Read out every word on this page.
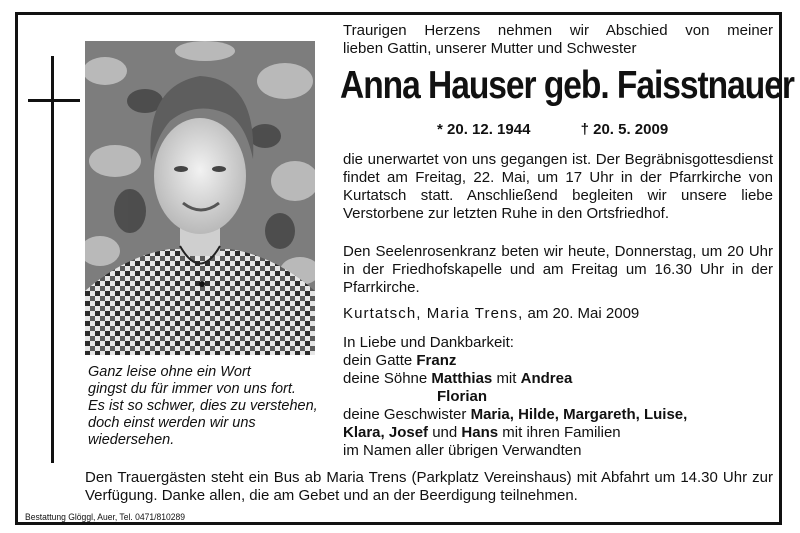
Ganz leise ohne ein Wort
gingst du für immer von uns fort.
Es ist so schwer, dies zu verstehen,
doch einst werden wir uns
wiedersehen.
Traurigen Herzens nehmen wir Abschied von meiner
lieben Gattin, unserer Mutter und Schwester
Anna Hauser geb. Faisstnauer
* 20. 12. 1944	† 20. 5. 2009
die unerwartet von uns gegangen ist. Der Begräbnisgottesdienst findet am Freitag, 22. Mai, um 17 Uhr in der Pfarrkirche von Kurtatsch statt. Anschließend begleiten wir unsere liebe Verstorbene zur letzten Ruhe in den Ortsfriedhof.
Den Seelenrosenkranz beten wir heute, Donnerstag, um 20 Uhr in der Friedhofskapelle und am Freitag um 16.30 Uhr in der Pfarrkirche.
Kurtatsch, Maria Trens, am 20. Mai 2009
In Liebe und Dankbarkeit:
dein Gatte Franz
deine Söhne Matthias mit Andrea
Florian
deine Geschwister Maria, Hilde, Margareth, Luise,
Klara, Josef und Hans mit ihren Familien
im Namen aller übrigen Verwandten
Den Trauergästen steht ein Bus ab Maria Trens (Parkplatz Vereinshaus) mit Abfahrt um 14.30 Uhr zur Verfügung. Danke allen, die am Gebet und an der Beerdigung teilnehmen.
Bestattung Glöggl, Auer, Tel. 0471/810289
